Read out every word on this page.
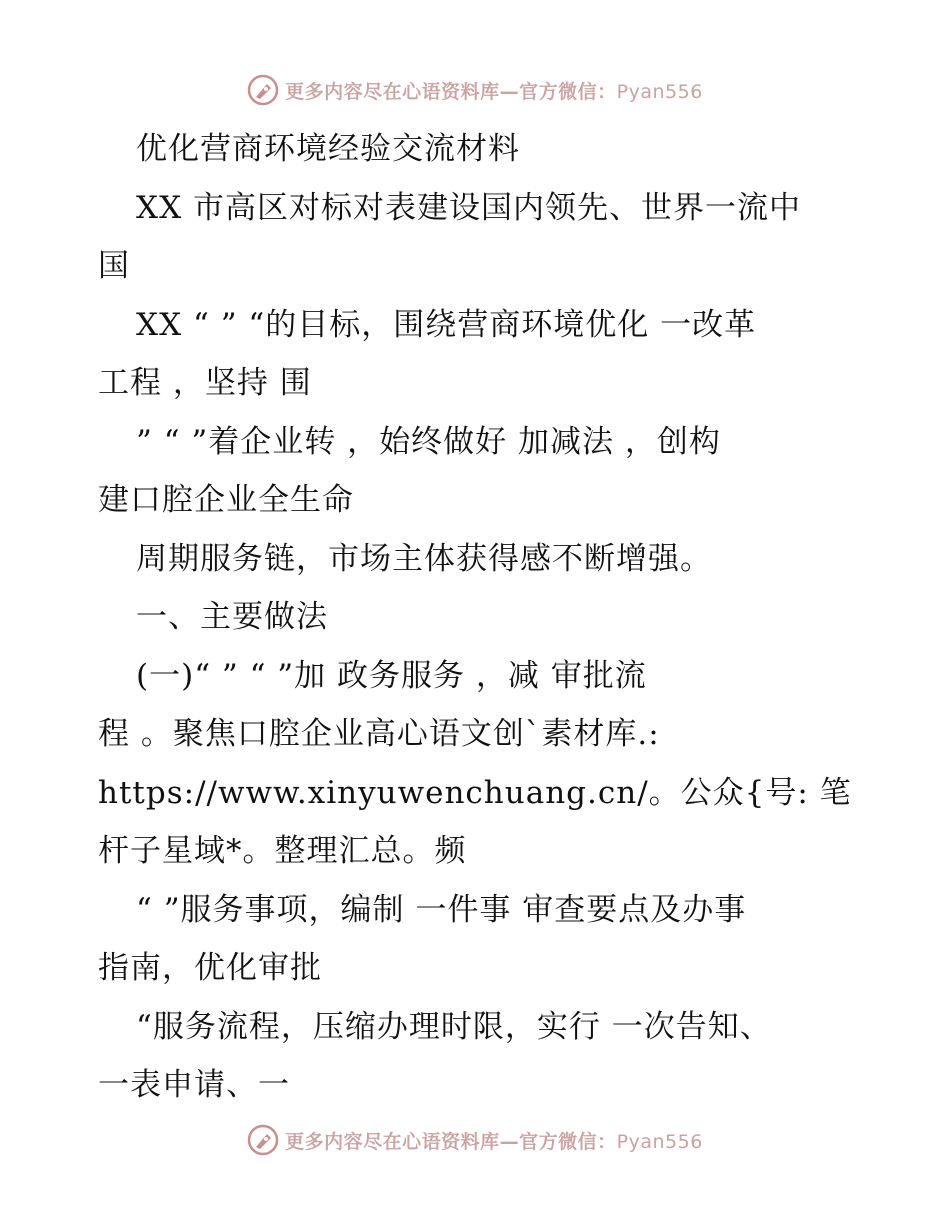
更多内容尽在心语资料库—官方微信：Pyan556
优化营商环境经验交流材料
XX 市高区对标对表建设国内领先、世界一流中
国
XX “ ” “的目标，围绕营商环境优化 一改革
工程 ，坚持 围
” “ ”着企业转 ，始终做好 加减法 ，创构
建口腔企业全生命
周期服务链，市场主体获得感不断增强。
一、主要做法
(一)“ ” “ ”加 政务服务 ，减 审批流
程 。聚焦口腔企业高心语文创`素材库.:
https://www.xinyuwenchuang.cn/。公众{号: 笔
杆子星域*。整理汇总。频
“ ”服务事项，编制 一件事 审查要点及办事
指南，优化审批
“服务流程，压缩办理时限，实行 一次告知、
一表申请、一
更多内容尽在心语资料库—官方微信：Pyan556
